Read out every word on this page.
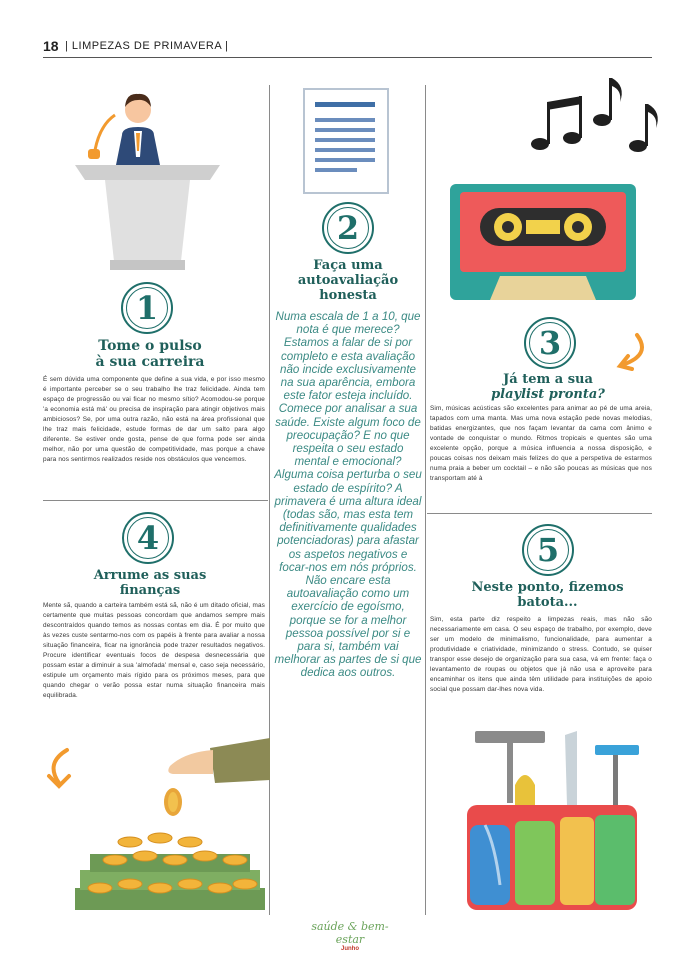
18 | LIMPEZAS DE PRIMAVERA |
1
Tome o pulso
à sua carreira
É sem dúvida uma componente que define a sua vida, e por isso mesmo é importante perceber se o seu trabalho lhe traz felicidade. Ainda tem espaço de progressão ou vai ficar no mesmo sítio? Acomodou-se porque 'a economia está má' ou precisa de inspiração para atingir objetivos mais ambiciosos? Se, por uma outra razão, não está na área profissional que lhe traz mais felicidade, estude formas de dar um salto para algo diferente. Se estiver onde gosta, pense de que forma pode ser ainda melhor, não por uma questão de competitividade, mas porque a chave para nos sentirmos realizados reside nos obstáculos que vencemos.
2
Faça uma
autoavaliação
honesta
Numa escala de 1 a 10, que nota é que merece? Estamos a falar de si por completo e esta avaliação não incide exclusivamente na sua aparência, embora este fator esteja incluído. Comece por analisar a sua saúde. Existe algum foco de preocupação? E no que respeita o seu estado mental e emocional? Alguma coisa perturba o seu estado de espírito? A primavera é uma altura ideal (todas são, mas esta tem definitivamente qualidades potenciadoras) para afastar os aspetos negativos e focar-nos em nós próprios. Não encare esta autoavaliação como um exercício de egoísmo, porque se for a melhor pessoa possível por si e para si, também vai melhorar as partes de si que dedica aos outros.
3
Já tem a sua
playlist pronta?
Sim, músicas acústicas são excelentes para animar ao pé de uma areia, tapados com uma manta. Mas uma nova estação pede novas melodias, batidas energizantes, que nos façam levantar da cama com ânimo e vontade de conquistar o mundo. Ritmos tropicais e quentes são uma excelente opção, porque a música influencia a nossa disposição, e poucas coisas nos deixam mais felizes do que a perspetiva de estarmos numa praia a beber um cocktail – e não são poucas as músicas que nos transportam até à
4
Arrume as suas
finanças
Mente sã, quando a carteira também está sã, não é um ditado oficial, mas certamente que muitas pessoas concordam que andamos sempre mais descontraídos quando temos as nossas contas em dia. É por muito que às vezes custe sentarmo-nos com os papéis à frente para avaliar a nossa situação financeira, ficar na ignorância pode trazer resultados negativos. Procure identificar eventuais focos de despesa desnecessária que possam estar a diminuir a sua 'almofada' mensal e, caso seja necessário, estipule um orçamento mais rígido para os próximos meses, para que quando chegar o verão possa estar numa situação financeira mais equilibrada.
5
Neste ponto, fizemos
batota...
Sim, esta parte diz respeito a limpezas reais, mas não são necessariamente em casa. O seu espaço de trabalho, por exemplo, deve ser um modelo de minimalismo, funcionalidade, para aumentar a produtividade e criatividade, minimizando o stress. Contudo, se quiser transpor esse desejo de organização para sua casa, vá em frente: faça o levantamento de roupas ou objetos que já não usa e aproveite para encaminhar os itens que ainda têm utilidade para instituições de apoio social que possam dar-lhes nova vida.
saúde & bem-estar
Junho
